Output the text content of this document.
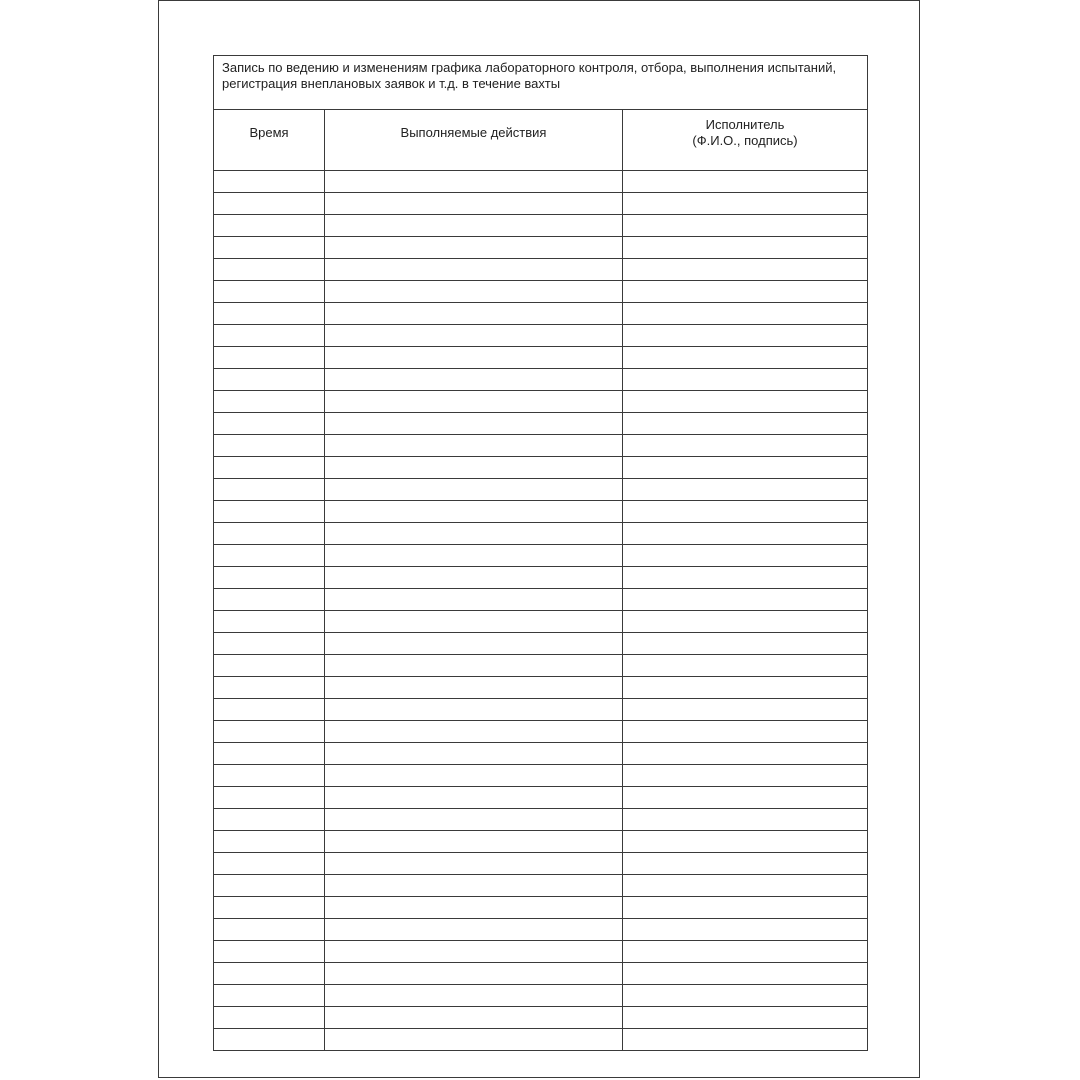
Запись по ведению и изменениям графика лабораторного контроля, отбора, выполнения испытаний, регистрация внеплановых заявок и т.д. в течение вахты		
Время	Выполняемые действия	Исполнитель
(Ф.И.О., подпись)
